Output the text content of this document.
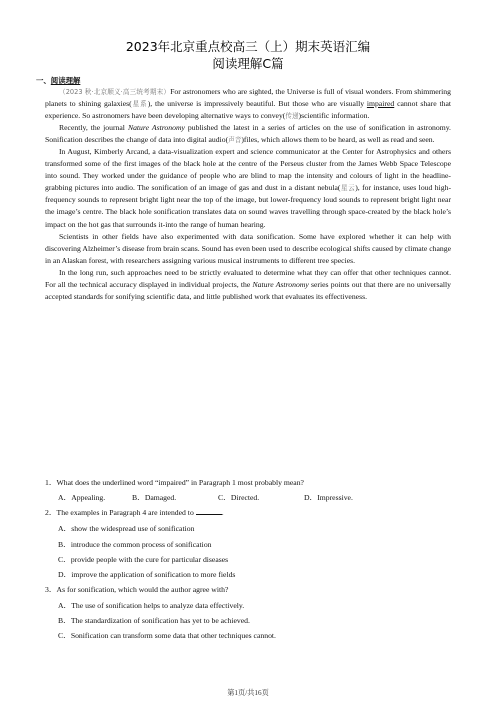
2023年北京重点校高三（上）期末英语汇编
阅读理解C篇
一、阅读理解

（2023 秋·北京顺义·高三统考期末）For astronomers who are sighted, the Universe is full of visual wonders. From shimmering planets to shining galaxies(星系), the universe is impressively beautiful. But those who are visually impaired cannot share that experience. So astronomers have been developing alternative ways to convey(传递)scientific information.

Recently, the journal Nature Astronomy published the latest in a series of articles on the use of sonification in astronomy. Sonification describes the change of data into digital audio(声音)files, which allows them to be heard, as well as read and seen.

In August, Kimberly Arcand, a data-visualization expert and science communicator at the Center for Astrophysics and others transformed some of the first images of the black hole at the centre of the Perseus cluster from the James Webb Space Telescope into sound. They worked under the guidance of people who are blind to map the intensity and colours of light in the headline-grabbing pictures into audio. The sonification of an image of gas and dust in a distant nebula(星云), for instance, uses loud high-frequency sounds to represent bright light near the top of the image, but lower-frequency loud sounds to represent bright light near the image’s centre. The black hole sonification translates data on sound waves travelling through space-created by the black hole’s impact on the hot gas that surrounds it-into the range of human hearing.

Scientists in other fields have also experimented with data sonification. Some have explored whether it can help with discovering Alzheimer’s disease from brain scans. Sound has even been used to describe ecological shifts caused by climate change in an Alaskan forest, with researchers assigning various musical instruments to different tree species.

In the long run, such approaches need to be strictly evaluated to determine what they can offer that other techniques cannot. For all the technical accuracy displayed in individual projects, the Nature Astronomy series points out that there are no universally accepted standards for sonifying scientific data, and little published work that evaluates its effectiveness.

1．What does the underlined word “impaired” in Paragraph 1 most probably mean?
A．Appealing.	B．Damaged.	C．Directed.	D．Impressive.
2．The examples in Paragraph 4 are intended to	.
A．show the widespread use of sonification
B．introduce the common process of sonification
C．provide people with the cure for particular diseases
D．improve the application of sonification to more fields
3．As for sonification, which would the author agree with?
A．The use of sonification helps to analyze data effectively.
B．The standardization of sonification has yet to be achieved.
C．Sonification can transform some data that other techniques cannot.
第1页/共16页
